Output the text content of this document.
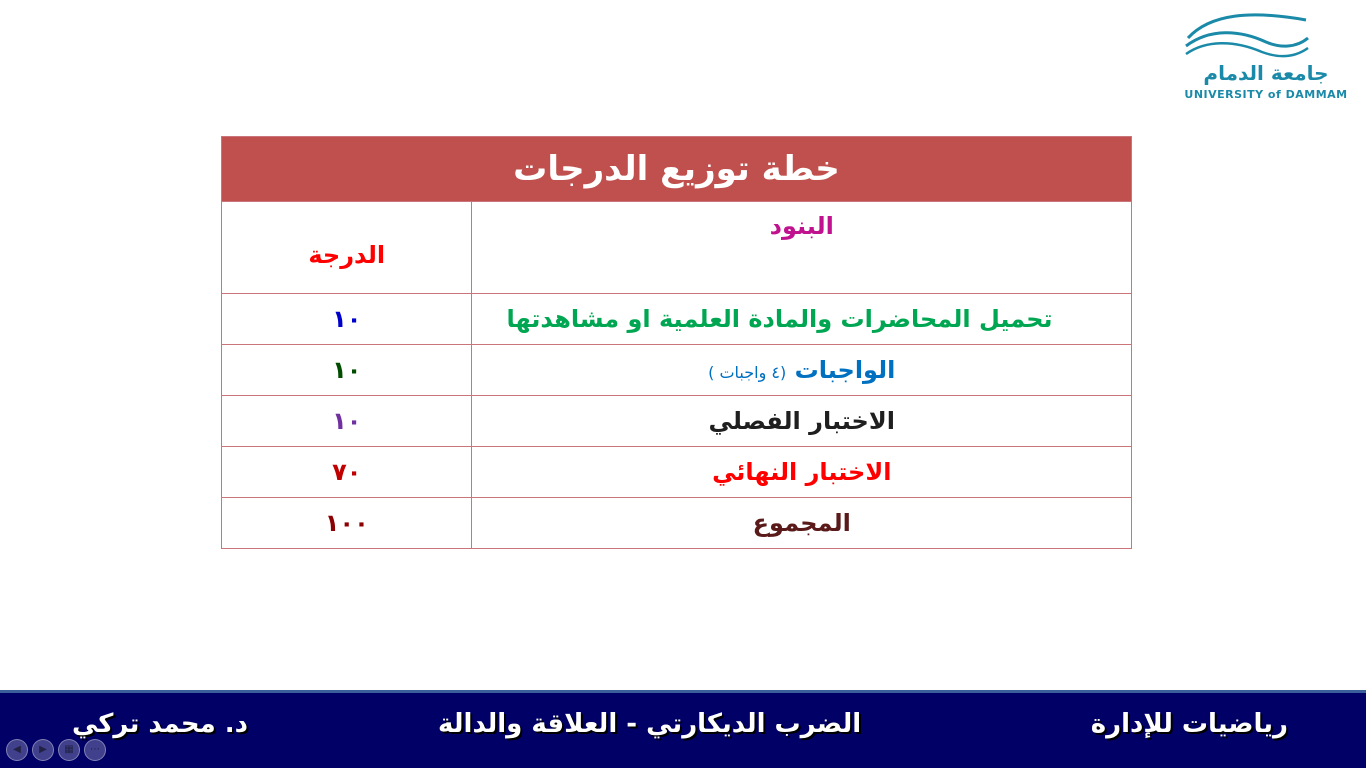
جامعة الدمام
UNIVERSITY of DAMMAM
خطة توزيع الدرجات	
البنود	الدرجة
تحميل المحاضرات والمادة العلمية او مشاهدتها	١٠
الواجبات (٤ واجبات )	١٠
الاختبار الفصلي	١٠
الاختبار النهائي	٧٠
المجموع	١٠٠
رياضيات للإدارة
الضرب الديكارتي - العلاقة والدالة
د. محمد تركي
◀	▶	▦	⋯
